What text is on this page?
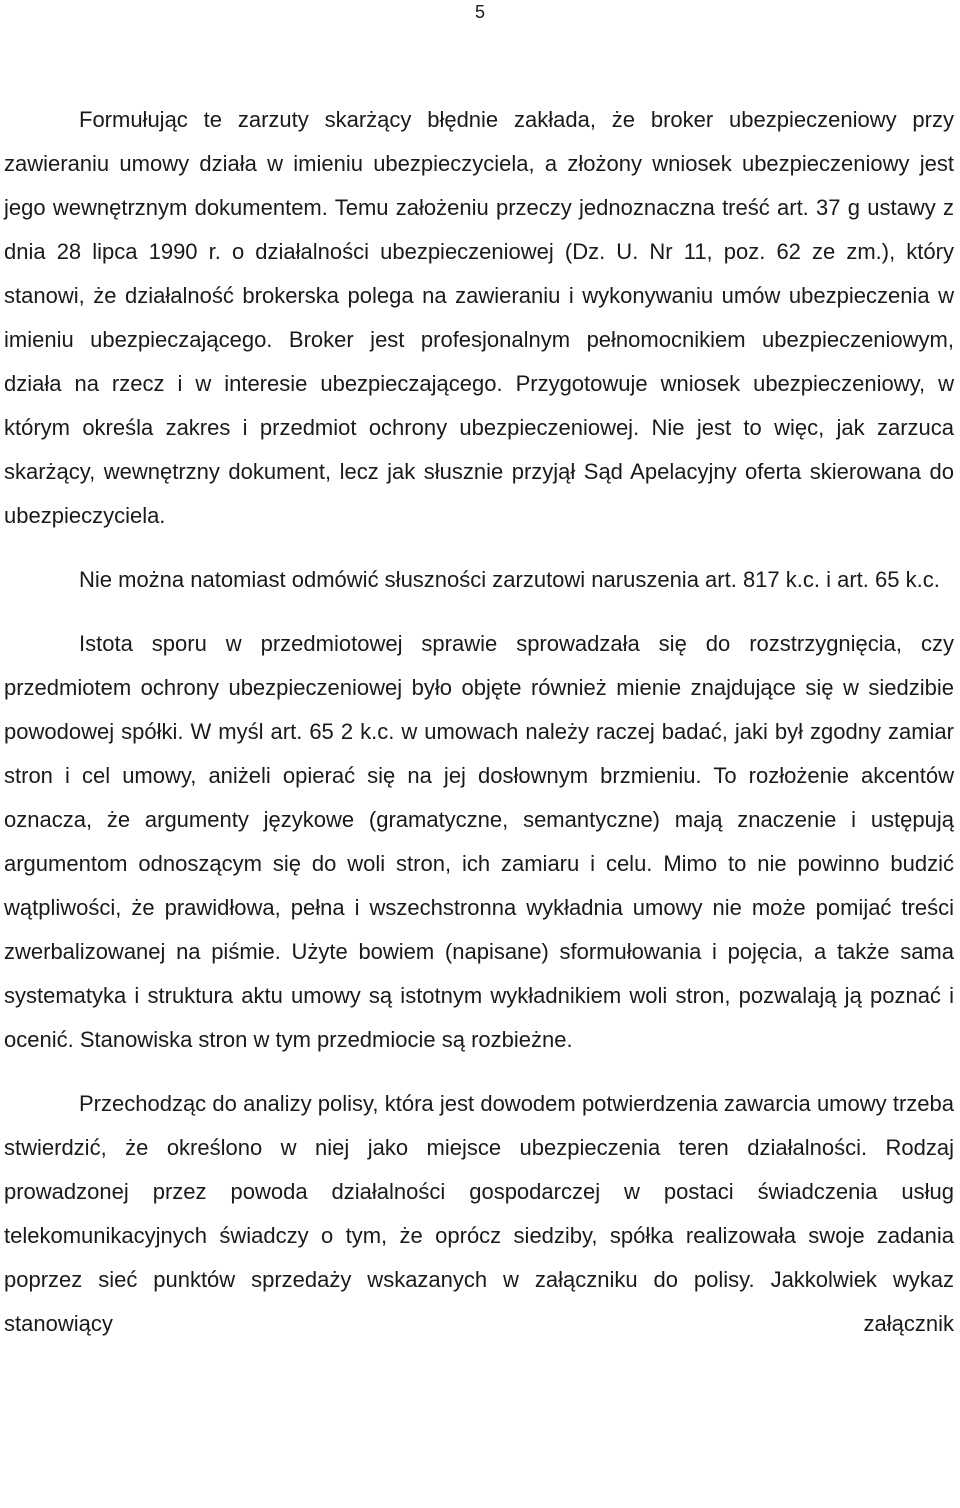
5

Formułując te zarzuty skarżący błędnie zakłada, że broker ubezpieczeniowy przy zawieraniu umowy działa w imieniu ubezpieczyciela, a złożony wniosek ubezpieczeniowy jest jego wewnętrznym dokumentem. Temu założeniu przeczy jednoznaczna treść art. 37 g ustawy z dnia 28 lipca 1990 r. o działalności ubezpieczeniowej (Dz. U. Nr 11, poz. 62 ze zm.), który stanowi, że działalność brokerska polega na zawieraniu i wykonywaniu umów ubezpieczenia w imieniu ubezpieczającego. Broker jest profesjonalnym pełnomocnikiem ubezpieczeniowym, działa na rzecz i w interesie ubezpieczającego. Przygotowuje wniosek ubezpieczeniowy, w którym określa zakres i przedmiot ochrony ubezpieczeniowej. Nie jest to więc, jak zarzuca skarżący, wewnętrzny dokument, lecz jak słusznie przyjął Sąd Apelacyjny oferta skierowana do ubezpieczyciela.

Nie można natomiast odmówić słuszności zarzutowi naruszenia art. 817 k.c. i art. 65 k.c.

Istota sporu w przedmiotowej sprawie sprowadzała się do rozstrzygnięcia, czy przedmiotem ochrony ubezpieczeniowej było objęte również mienie znajdujące się w siedzibie powodowej spółki. W myśl art. 65 2 k.c. w umowach należy raczej badać, jaki był zgodny zamiar stron i cel umowy, aniżeli opierać się na jej dosłownym brzmieniu. To rozłożenie akcentów oznacza, że argumenty językowe (gramatyczne, semantyczne) mają znaczenie i ustępują argumentom odnoszącym się do woli stron, ich zamiaru i celu. Mimo to nie powinno budzić wątpliwości, że prawidłowa, pełna i wszechstronna wykładnia umowy nie może pomijać treści zwerbalizowanej na piśmie. Użyte bowiem (napisane) sformułowania i pojęcia, a także sama systematyka i struktura aktu umowy są istotnym wykładnikiem woli stron, pozwalają ją poznać i ocenić. Stanowiska stron w tym przedmiocie są rozbieżne.

Przechodząc do analizy polisy, która jest dowodem potwierdzenia zawarcia umowy trzeba stwierdzić, że określono w niej jako miejsce ubezpieczenia teren działalności. Rodzaj prowadzonej przez powoda działalności gospodarczej w postaci świadczenia usług telekomunikacyjnych świadczy o tym, że oprócz siedziby, spółka realizowała swoje zadania poprzez sieć punktów sprzedaży wskazanych w załączniku do polisy. Jakkolwiek wykaz stanowiący załącznik
